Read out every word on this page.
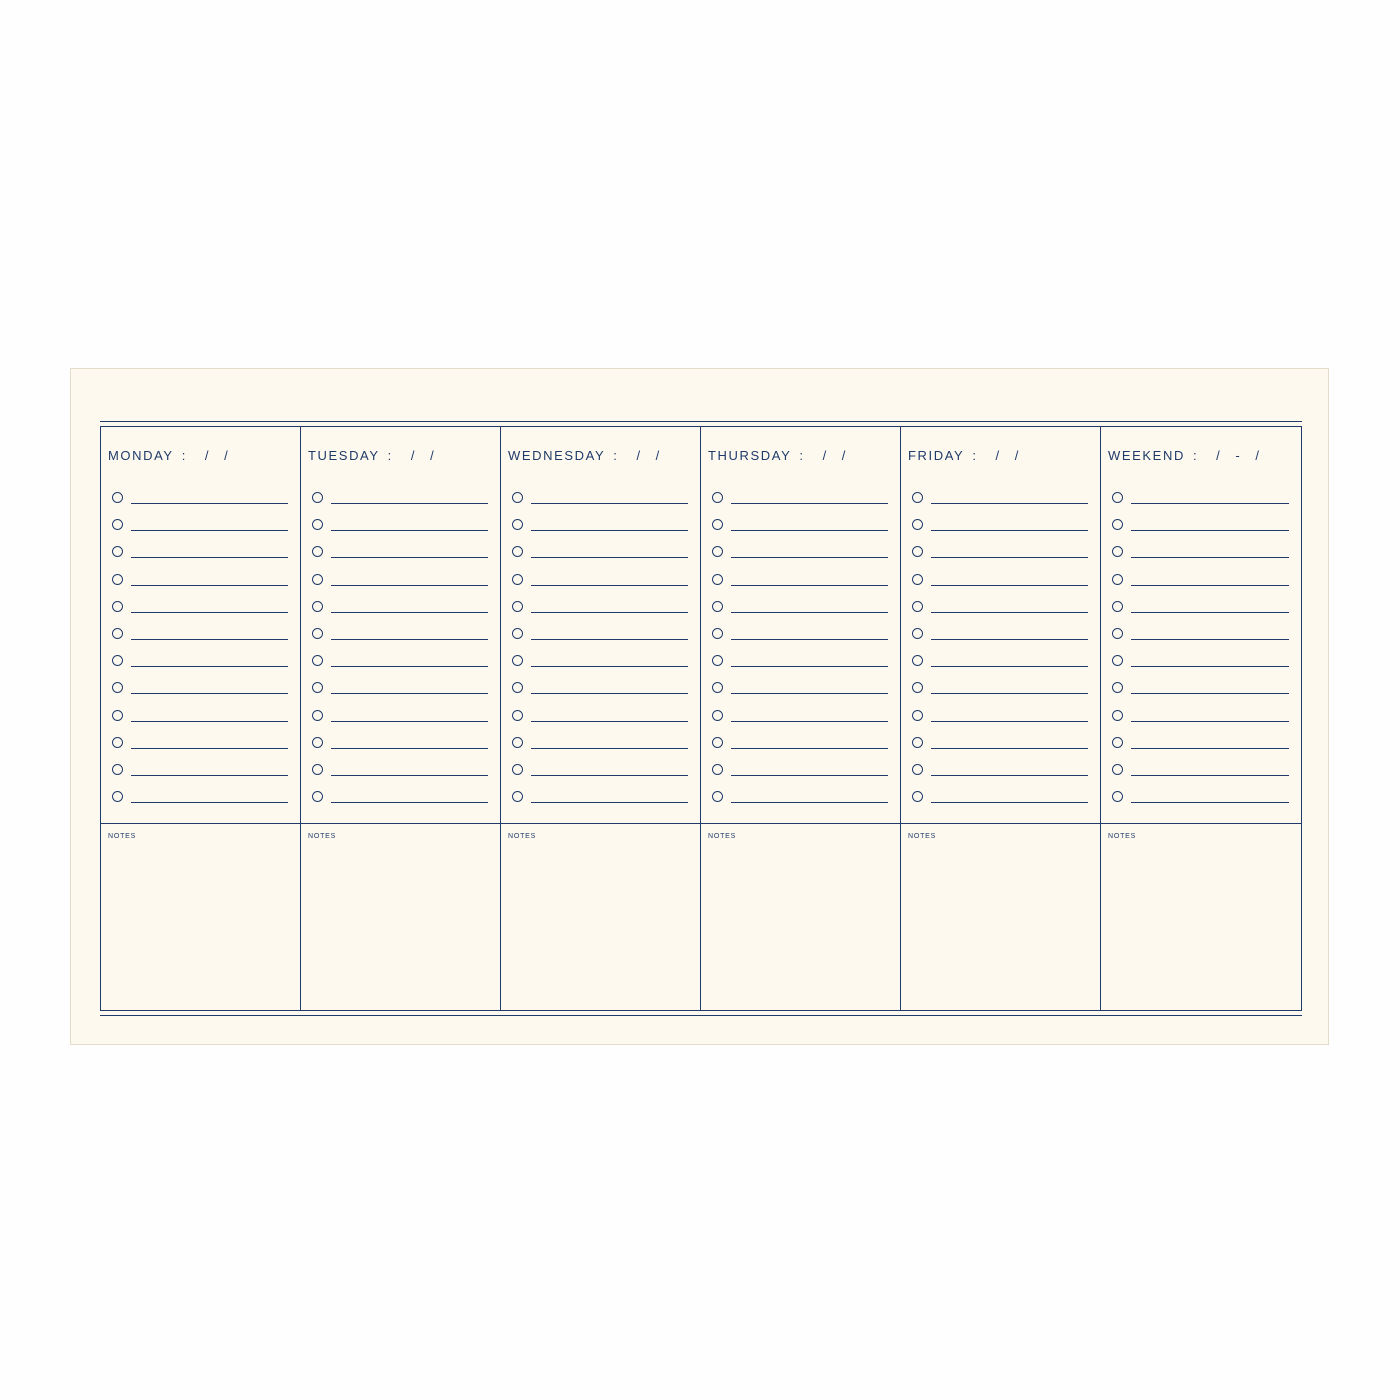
MONDAY : / /	TUESDAY : / /	WEDNESDAY : / /	THURSDAY : / /	FRIDAY : / /	WEEKEND : / - /
NOTES	NOTES	NOTES	NOTES	NOTES	NOTES
